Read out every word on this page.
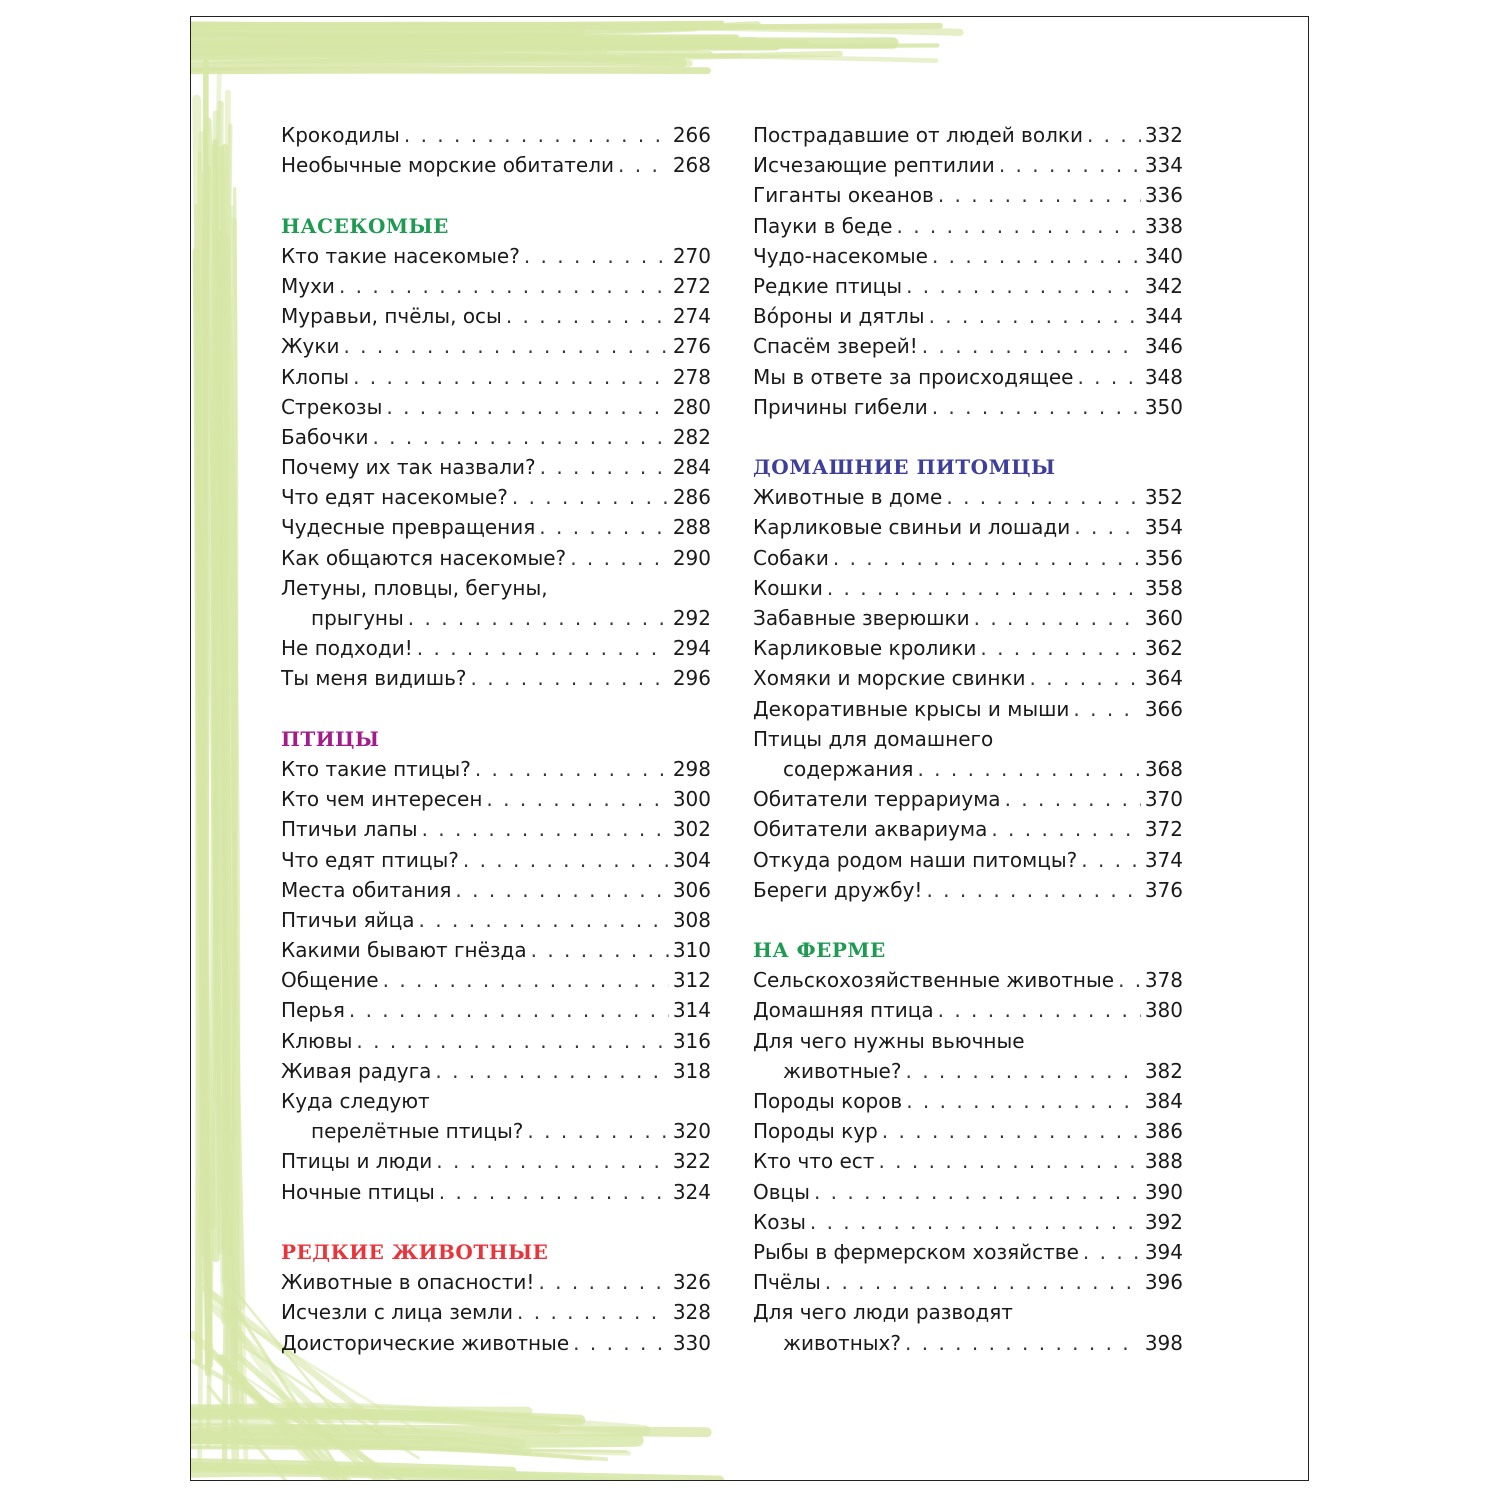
Крокодилы . . .	266
Необычные морские обитатели . . .	268
НАСЕКОМЫЕ
Кто такие насекомые? . . .	270
Мухи . . .	272
Муравьи, пчёлы, осы . . .	274
Жуки . . .	276
Клопы . . .	278
Стрекозы . . .	280
Бабочки . . .	282
Почему их так назвали? . . .	284
Что едят насекомые? . . .	286
Чудесные превращения . . .	288
Как общаются насекомые? . . .	290
Летуны, пловцы, бегуны,
прыгуны . . .	292
Не подходи! . . .	294
Ты меня видишь? . . .	296
ПТИЦЫ
Кто такие птицы? . . .	298
Кто чем интересен . . .	300
Птичьи лапы . . .	302
Что едят птицы? . . .	304
Места обитания . . .	306
Птичьи яйца . . .	308
Какими бывают гнёзда . . .	310
Общение . . .	312
Перья . . .	314
Клювы . . .	316
Живая радуга . . .	318
Куда следуют
перелётные птицы? . . .	320
Птицы и люди . . .	322
Ночные птицы . . .	324
РЕДКИЕ ЖИВОТНЫЕ
Животные в опасности! . . .	326
Исчезли с лица земли . . .	328
Доисторические животные . . .	330
Пострадавшие от людей волки . . .	332
Исчезающие рептилии . . .	334
Гиганты океанов . . .	336
Пауки в беде . . .	338
Чудо-насекомые . . .	340
Редкие птицы . . .	342
Вóроны и дятлы . . .	344
Спасём зверей! . . .	346
Мы в ответе за происходящее . . .	348
Причины гибели . . .	350
ДОМАШНИЕ ПИТОМЦЫ
Животные в доме . . .	352
Карликовые свиньи и лошади . . .	354
Собаки . . .	356
Кошки . . .	358
Забавные зверюшки . . .	360
Карликовые кролики . . .	362
Хомяки и морские свинки . . .	364
Декоративные крысы и мыши . . .	366
Птицы для домашнего
содержания . . .	368
Обитатели террариума . . .	370
Обитатели аквариума . . .	372
Откуда родом наши питомцы? . . .	374
Береги дружбу! . . .	376
НА ФЕРМЕ
Сельскохозяйственные животные . . . 378
Домашняя птица . . .	380
Для чего нужны вьючные
животные? . . .	382
Породы коров . . .	384
Породы кур . . .	386
Кто что ест . . .	388
Овцы . . .	390
Козы . . .	392
Рыбы в фермерском хозяйстве . . .	394
Пчёлы . . .	396
Для чего люди разводят
животных? . . .	398
